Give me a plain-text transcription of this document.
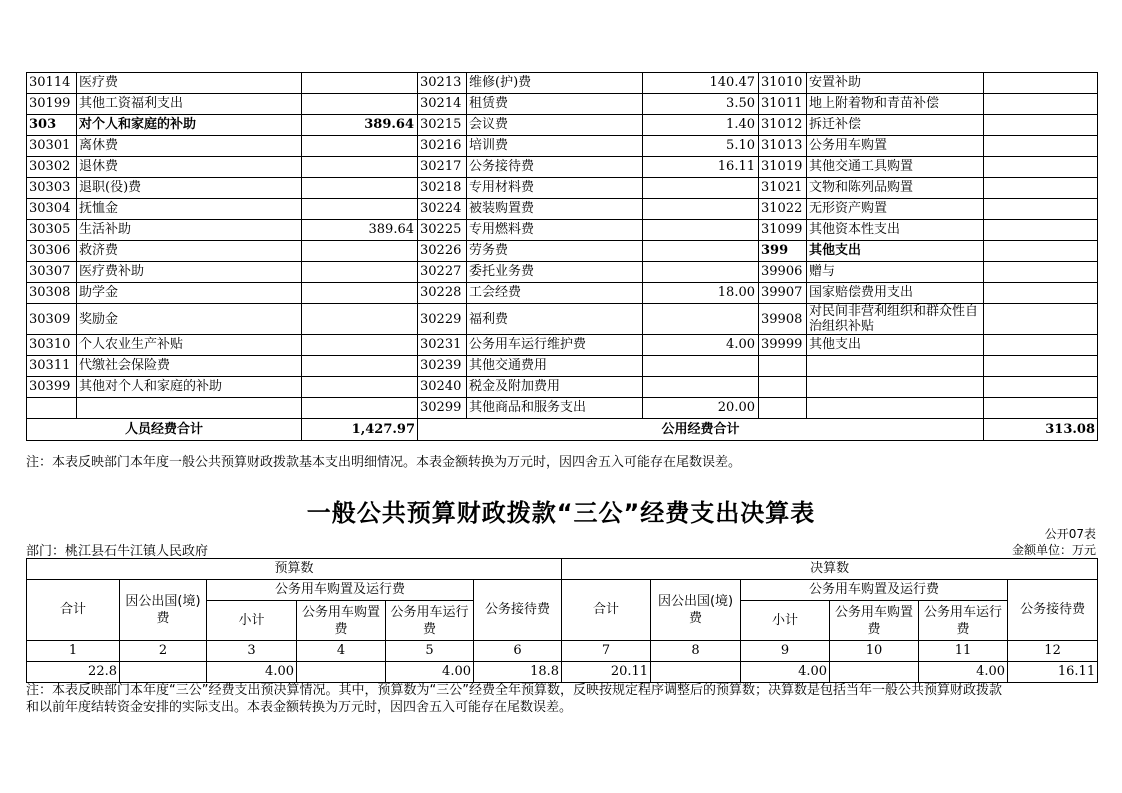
30114	医疗费		30213	维修(护)费	140.47	31010	安置补助	
30199	其他工资福利支出		30214	租赁费	3.50	31011	地上附着物和青苗补偿	
303	对个人和家庭的补助	389.64	30215	会议费	1.40	31012	拆迁补偿	
30301	离休费		30216	培训费	5.10	31013	公务用车购置	
30302	退休费		30217	公务接待费	16.11	31019	其他交通工具购置	
30303	退职(役)费		30218	专用材料费		31021	文物和陈列品购置	
30304	抚恤金		30224	被装购置费		31022	无形资产购置	
30305	生活补助	389.64	30225	专用燃料费		31099	其他资本性支出	
30306	救济费		30226	劳务费		399	其他支出	
30307	医疗费补助		30227	委托业务费		39906	赠与	
30308	助学金		30228	工会经费	18.00	39907	国家赔偿费用支出	
30309	奖励金		30229	福利费		39908	对民间非营利组织和群众性自治组织补贴	
30310	个人农业生产补贴		30231	公务用车运行维护费	4.00	39999	其他支出	
30311	代缴社会保险费		30239	其他交通费用				
30399	其他对个人和家庭的补助		30240	税金及附加费用				
			30299	其他商品和服务支出	20.00			
人员经费合计		1,427.97	公用经费合计					313.08
注：本表反映部门本年度一般公共预算财政拨款基本支出明细情况。本表金额转换为万元时，因四舍五入可能存在尾数误差。
一般公共预算财政拨款“三公”经费支出决算表
公开07表
部门：桃江县石牛江镇人民政府	金额单位：万元
预算数						决算数					
合计	因公出国(境)费	公务用车购置及运行费			公务接待费	合计	因公出国(境)费	公务用车购置及运行费			公务接待费
		小计	公务用车购置费	公务用车运行费				小计	公务用车购置费	公务用车运行费	
1	2	3	4	5	6	7	8	9	10	11	12
22.8		4.00		4.00	18.8	20.11		4.00		4.00	16.11
注：本表反映部门本年度“三公”经费支出预决算情况。其中，预算数为“三公”经费全年预算数，反映按规定程序调整后的预算数；决算数是包括当年一般公共预算财政拨款
和以前年度结转资金安排的实际支出。本表金额转换为万元时，因四舍五入可能存在尾数误差。
